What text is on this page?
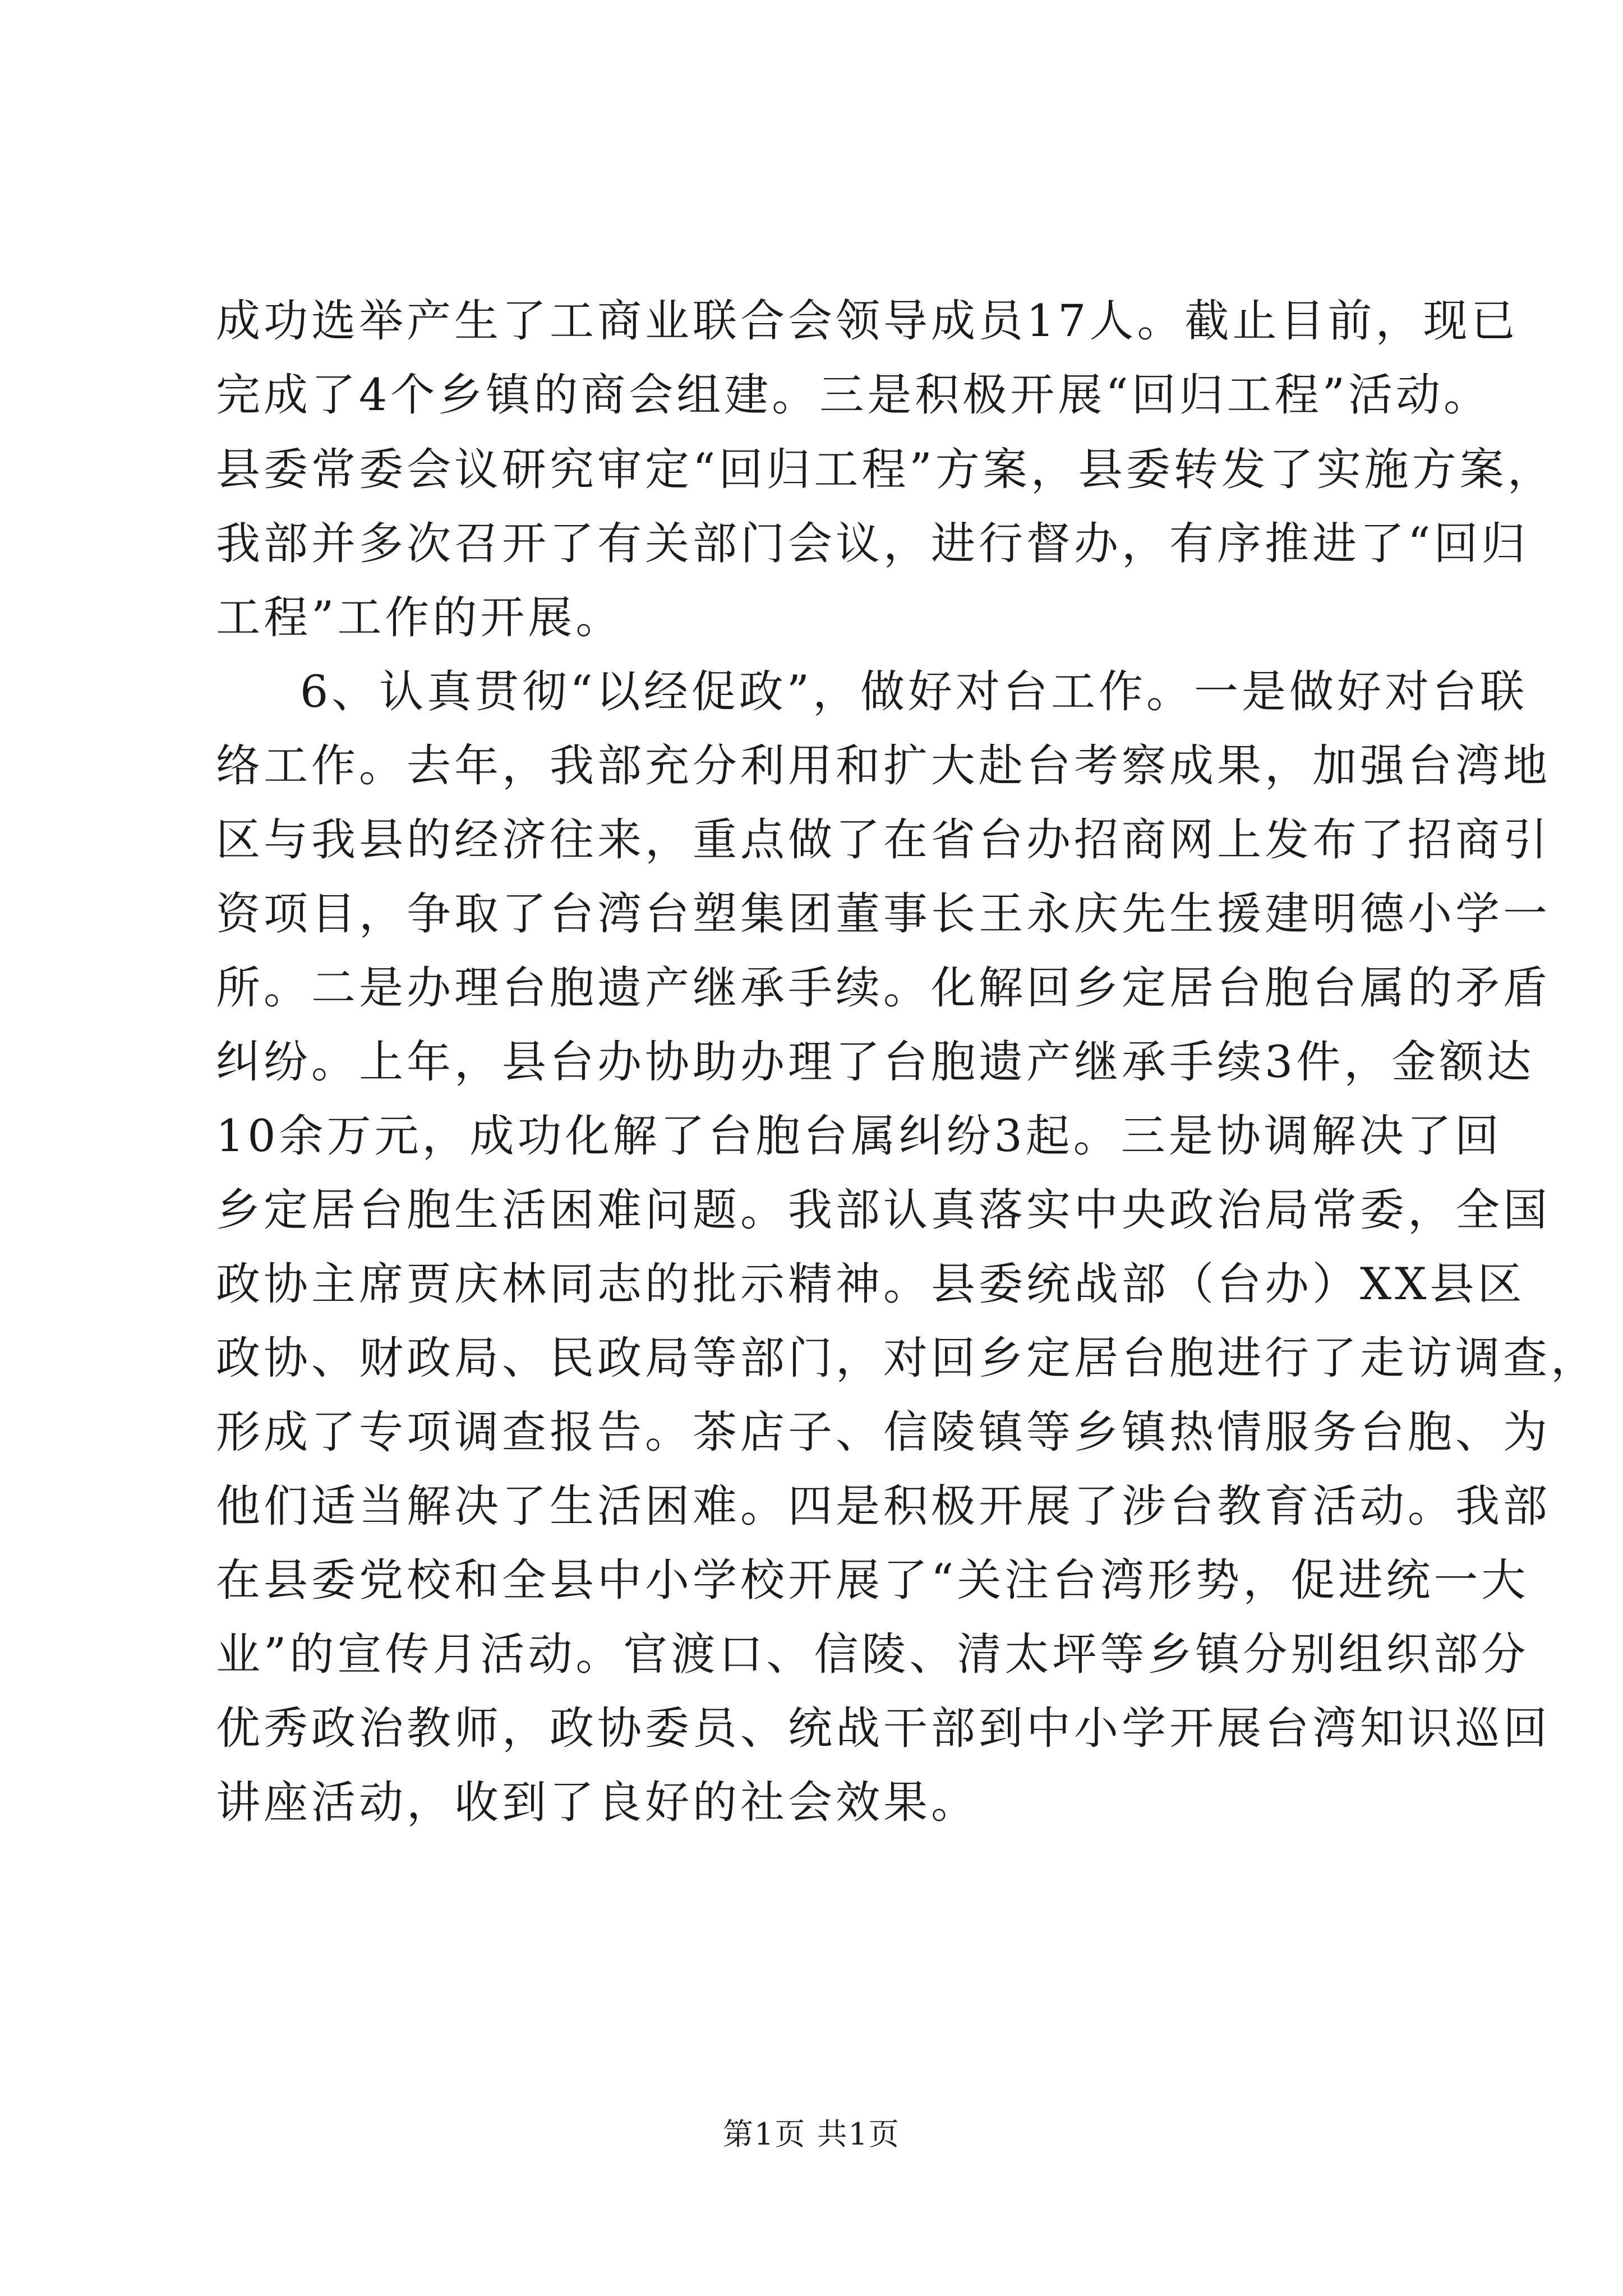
成功选举产生了工商业联合会领导成员17人。截止目前，现已
完成了4个乡镇的商会组建。三是积极开展“回归工程”活动。
县委常委会议研究审定“回归工程”方案，县委转发了实施方案，
我部并多次召开了有关部门会议，进行督办，有序推进了“回归
工程”工作的开展。
6、认真贯彻“以经促政”，做好对台工作。一是做好对台联
络工作。去年，我部充分利用和扩大赴台考察成果，加强台湾地
区与我县的经济往来，重点做了在省台办招商网上发布了招商引
资项目，争取了台湾台塑集团董事长王永庆先生援建明德小学一
所。二是办理台胞遗产继承手续。化解回乡定居台胞台属的矛盾
纠纷。上年，县台办协助办理了台胞遗产继承手续3件，金额达
10余万元，成功化解了台胞台属纠纷3起。三是协调解决了回
乡定居台胞生活困难问题。我部认真落实中央政治局常委，全国
政协主席贾庆林同志的批示精神。县委统战部（台办）XX县区
政协、财政局、民政局等部门，对回乡定居台胞进行了走访调查，
形成了专项调查报告。茶店子、信陵镇等乡镇热情服务台胞、为
他们适当解决了生活困难。四是积极开展了涉台教育活动。我部
在县委党校和全县中小学校开展了“关注台湾形势，促进统一大
业”的宣传月活动。官渡口、信陵、清太坪等乡镇分别组织部分
优秀政治教师，政协委员、统战干部到中小学开展台湾知识巡回
讲座活动，收到了良好的社会效果。
第1页 共1页
